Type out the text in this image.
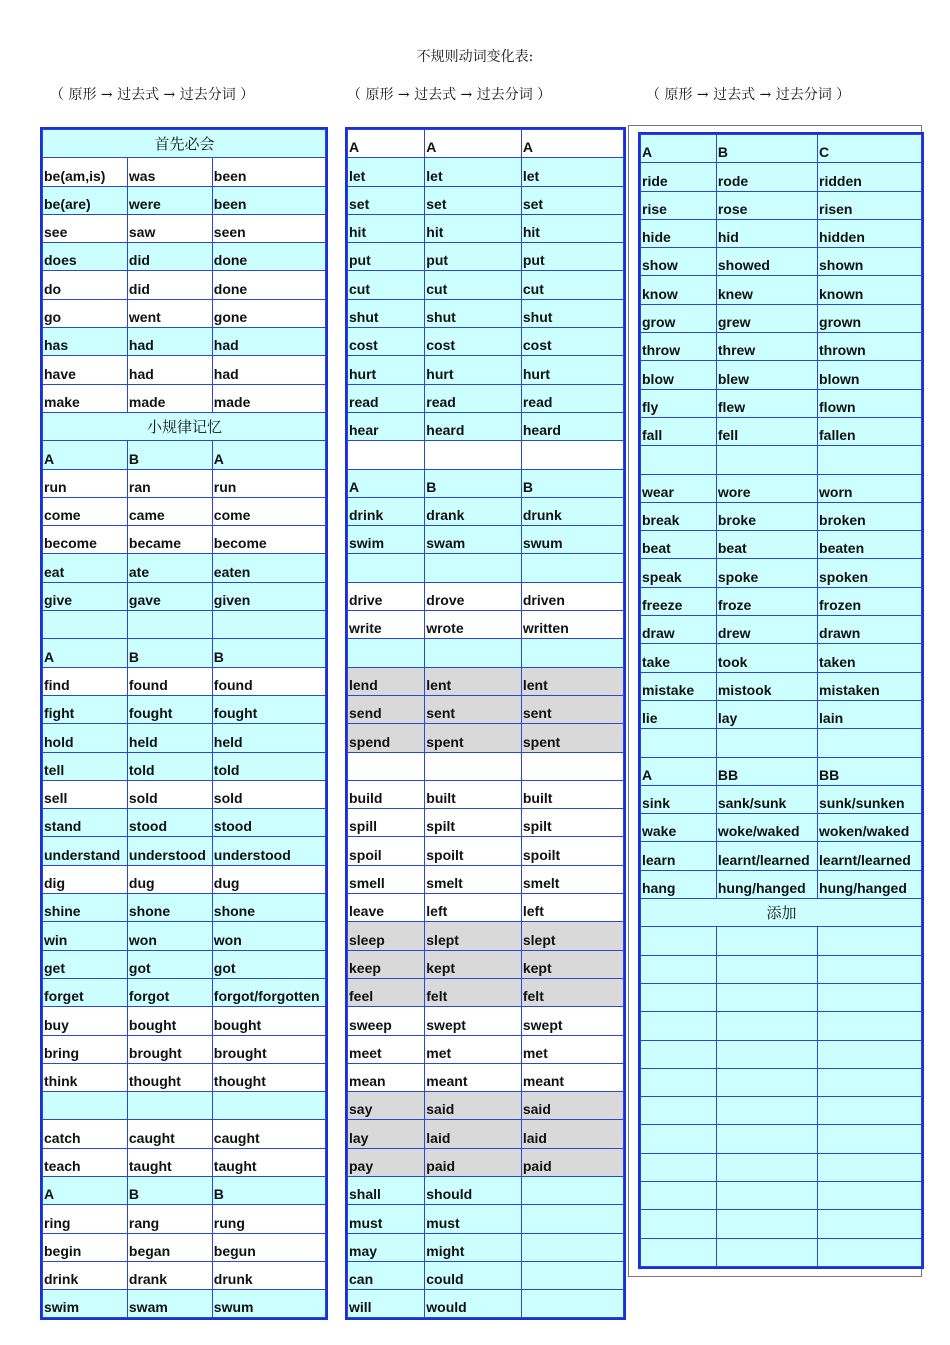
不规则动词变化表:
（ 原形 → 过去式 → 过去分词 ）	（ 原形 → 过去式 → 过去分词 ）	（ 原形 → 过去式 → 过去分词 ）
首先必会		
be(am,is)	was	been
be(are)	were	been
see	saw	seen
does	did	done
do	did	done
go	went	gone
has	had	had
have	had	had
make	made	made
小规律记忆		
A	B	A
run	ran	run
come	came	come
become	became	become
eat	ate	eaten
give	gave	given

A	B	B
find	found	found
fight	fought	fought
hold	held	held
tell	told	told
sell	sold	sold
stand	stood	stood
understand	understood	understood
dig	dug	dug
shine	shone	shone
win	won	won
get	got	got
forget	forgot	forgot/forgotten
buy	bought	bought
bring	brought	brought
think	thought	thought

catch	caught	caught
teach	taught	taught
A	B	B
ring	rang	rung
begin	began	begun
drink	drank	drunk
swim	swam	swum
A	A	A
let	let	let
set	set	set
hit	hit	hit
put	put	put
cut	cut	cut
shut	shut	shut
cost	cost	cost
hurt	hurt	hurt
read	read	read
hear	heard	heard

A	B	B
drink	drank	drunk
swim	swam	swum

drive	drove	driven
write	wrote	written

lend	lent	lent
send	sent	sent
spend	spent	spent

build	built	built
spill	spilt	spilt
spoil	spoilt	spoilt
smell	smelt	smelt
leave	left	left
sleep	slept	slept
keep	kept	kept
feel	felt	felt
sweep	swept	swept
meet	met	met
mean	meant	meant
say	said	said
lay	laid	laid
pay	paid	paid
shall	should	
must	must	
may	might	
can	could	
will	would	
A	B	C
ride	rode	ridden
rise	rose	risen
hide	hid	hidden
show	showed	shown
know	knew	known
grow	grew	grown
throw	threw	thrown
blow	blew	blown
fly	flew	flown
fall	fell	fallen

wear	wore	worn
break	broke	broken
beat	beat	beaten
speak	spoke	spoken
freeze	froze	frozen
draw	drew	drawn
take	took	taken
mistake	mistook	mistaken
lie	lay	lain

A	BB	BB
sink	sank/sunk	sunk/sunken
wake	woke/waked	woken/waked
learn	learnt/learned	learnt/learned
hang	hung/hanged	hung/hanged
添加		
